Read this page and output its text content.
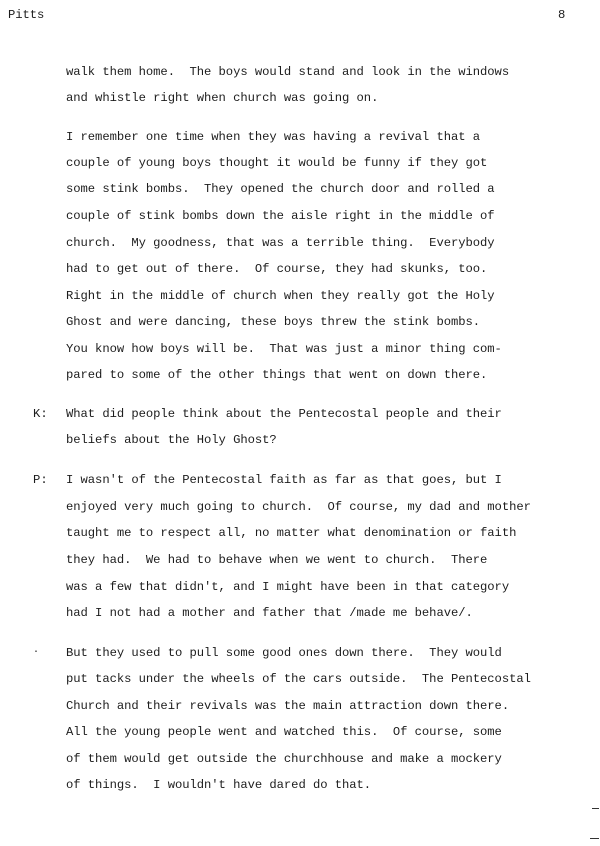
Pitts	8
walk them home.  The boys would stand and look in the windows
and whistle right when church was going on.
I remember one time when they was having a revival that a
couple of young boys thought it would be funny if they got
some stink bombs.  They opened the church door and rolled a
couple of stink bombs down the aisle right in the middle of
church.  My goodness, that was a terrible thing.  Everybody
had to get out of there.  Of course, they had skunks, too.
Right in the middle of church when they really got the Holy
Ghost and were dancing, these boys threw the stink bombs.
You know how boys will be.  That was just a minor thing com-
pared to some of the other things that went on down there.
K: What did people think about the Pentecostal people and their
beliefs about the Holy Ghost?
P: I wasn't of the Pentecostal faith as far as that goes, but I
enjoyed very much going to church.  Of course, my dad and mother
taught me to respect all, no matter what denomination or faith
they had.  We had to behave when we went to church.  There
was a few that didn't, and I might have been in that category
had I not had a mother and father that /made me behave/.
· But they used to pull some good ones down there.  They would
put tacks under the wheels of the cars outside.  The Pentecostal
Church and their revivals was the main attraction down there.
All the young people went and watched this.  Of course, some
of them would get outside the churchhouse and make a mockery
of things.  I wouldn't have dared do that.
